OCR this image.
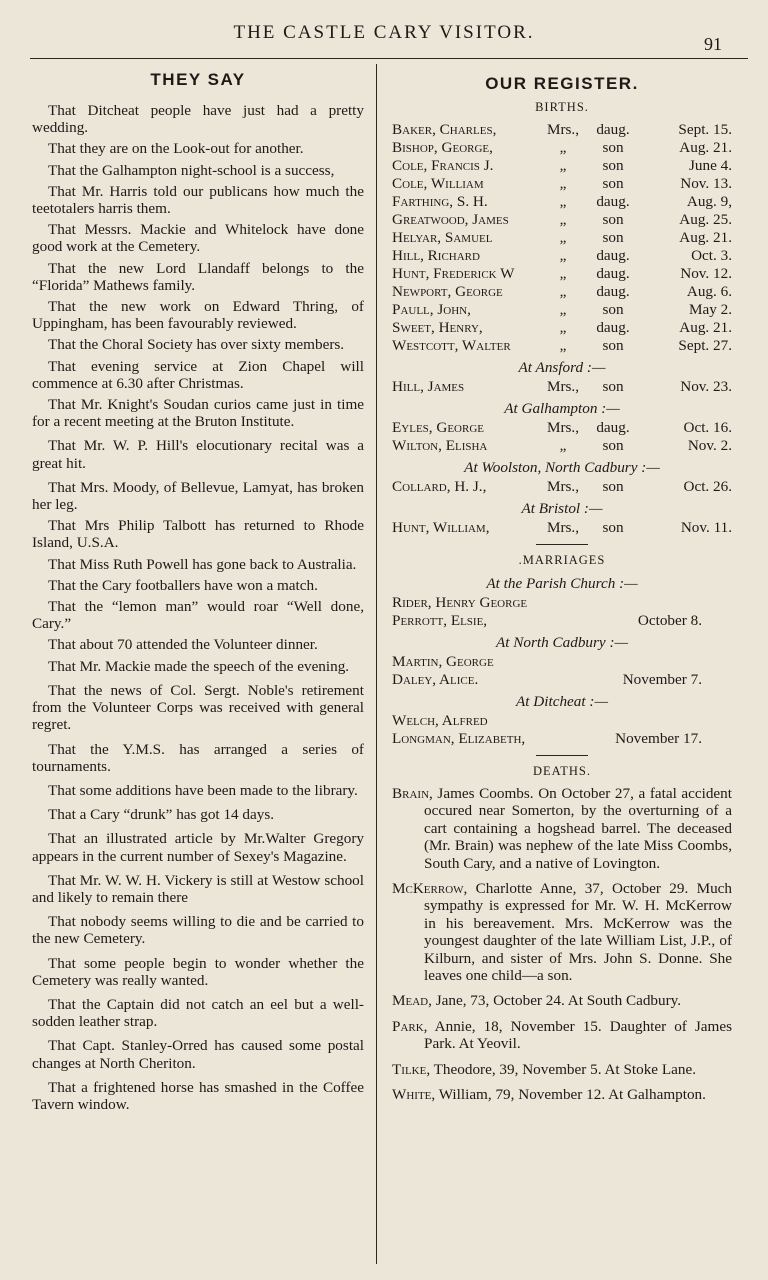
THE CASTLE CARY VISITOR.
91
THEY SAY

That Ditcheat people have just had a pretty wedding.

That they are on the Look-out for another.

That the Galhampton night-school is a success,

That Mr. Harris told our publicans how much the teetotalers harris them.

That Messrs. Mackie and Whitelock have done good work at the Cemetery.

That the new Lord Llandaff belongs to the “Florida” Mathews family.

That the new work on Edward Thring, of Uppingham, has been favourably reviewed.

That the Choral Society has over sixty members.

That evening service at Zion Chapel will commence at 6.30 after Christmas.

That Mr. Knight's Soudan curios came just in time for a recent meeting at the Bruton Institute.

That Mr. W. P. Hill's elocutionary recital was a great hit.

That Mrs. Moody, of Bellevue, Lamyat, has broken her leg.

That Mrs Philip Talbott has returned to Rhode Island, U.S.A.

That Miss Ruth Powell has gone back to Australia.

That the Cary footballers have won a match.

That the “lemon man” would roar “Well done, Cary.”

That about 70 attended the Volunteer dinner.

That Mr. Mackie made the speech of the evening.

That the news of Col. Sergt. Noble's retirement from the Volunteer Corps was received with general regret.

That the Y.M.S. has arranged a series of tournaments.

That some additions have been made to the library.

That a Cary “drunk” has got 14 days.

That an illustrated article by Mr.Walter Gregory appears in the current number of Sexey's Magazine.

That Mr. W. W. H. Vickery is still at Westow school and likely to remain there

That nobody seems willing to die and be carried to the new Cemetery.

That some people begin to wonder whether the Cemetery was really wanted.

That the Captain did not catch an eel but a well-sodden leather strap.

That Capt. Stanley-Orred has caused some postal changes at North Cheriton.

That a frightened horse has smashed in the Coffee Tavern window.

OUR REGISTER.
BIRTHS.
Baker, Charles,	Mrs.,	daug.	Sept. 15.
Bishop, George,	„	son	Aug. 21.
Cole, Francis J.	„	son	June 4.
Cole, William	„	son	Nov. 13.
Farthing, S. H.	„	daug.	Aug. 9,
Greatwood, James	„	son	Aug. 25.
Helyar, Samuel	„	son	Aug. 21.
Hill, Richard	„	daug.	Oct. 3.
Hunt, Frederick W	„	daug.	Nov. 12.
Newport, George	„	daug.	Aug. 6.
Paull, John,	„	son	May 2.
Sweet, Henry,	„	daug.	Aug. 21.
Westcott, Walter	„	son	Sept. 27.
At Ansford :—
Hill, James	Mrs.,	son	Nov. 23.
At Galhampton :—
Eyles, George	Mrs.,	daug.	Oct. 16.
Wilton, Elisha	„	son	Nov. 2.
At Woolston, North Cadbury :—
Collard, H. J.,	Mrs.,	son	Oct. 26.
At Bristol :—
Hunt, William,	Mrs.,	son	Nov. 11.
.MARRIAGES
At the Parish Church :—
Rider, Henry George
Perrott, Elsie,	October 8.
At North Cadbury :—
Martin, George
Daley, Alice.	November 7.
At Ditcheat :—
Welch, Alfred
Longman, Elizabeth,	November 17.
DEATHS.

Brain, James Coombs. On October 27, a fatal accident occured near Somerton, by the overturning of a cart containing a hogshead barrel. The deceased (Mr. Brain) was nephew of the late Miss Coombs, South Cary, and a native of Lovington.

McKerrow, Charlotte Anne, 37, October 29. Much sympathy is expressed for Mr. W. H. McKerrow in his bereavement. Mrs. McKerrow was the youngest daughter of the late William List, J.P., of Kilburn, and sister of Mrs. John S. Donne. She leaves one child—a son.

Mead, Jane, 73, October 24. At South Cadbury.

Park, Annie, 18, November 15. Daughter of James Park. At Yeovil.

Tilke, Theodore, 39, November 5. At Stoke Lane.

White, William, 79, November 12. At Galhampton.
